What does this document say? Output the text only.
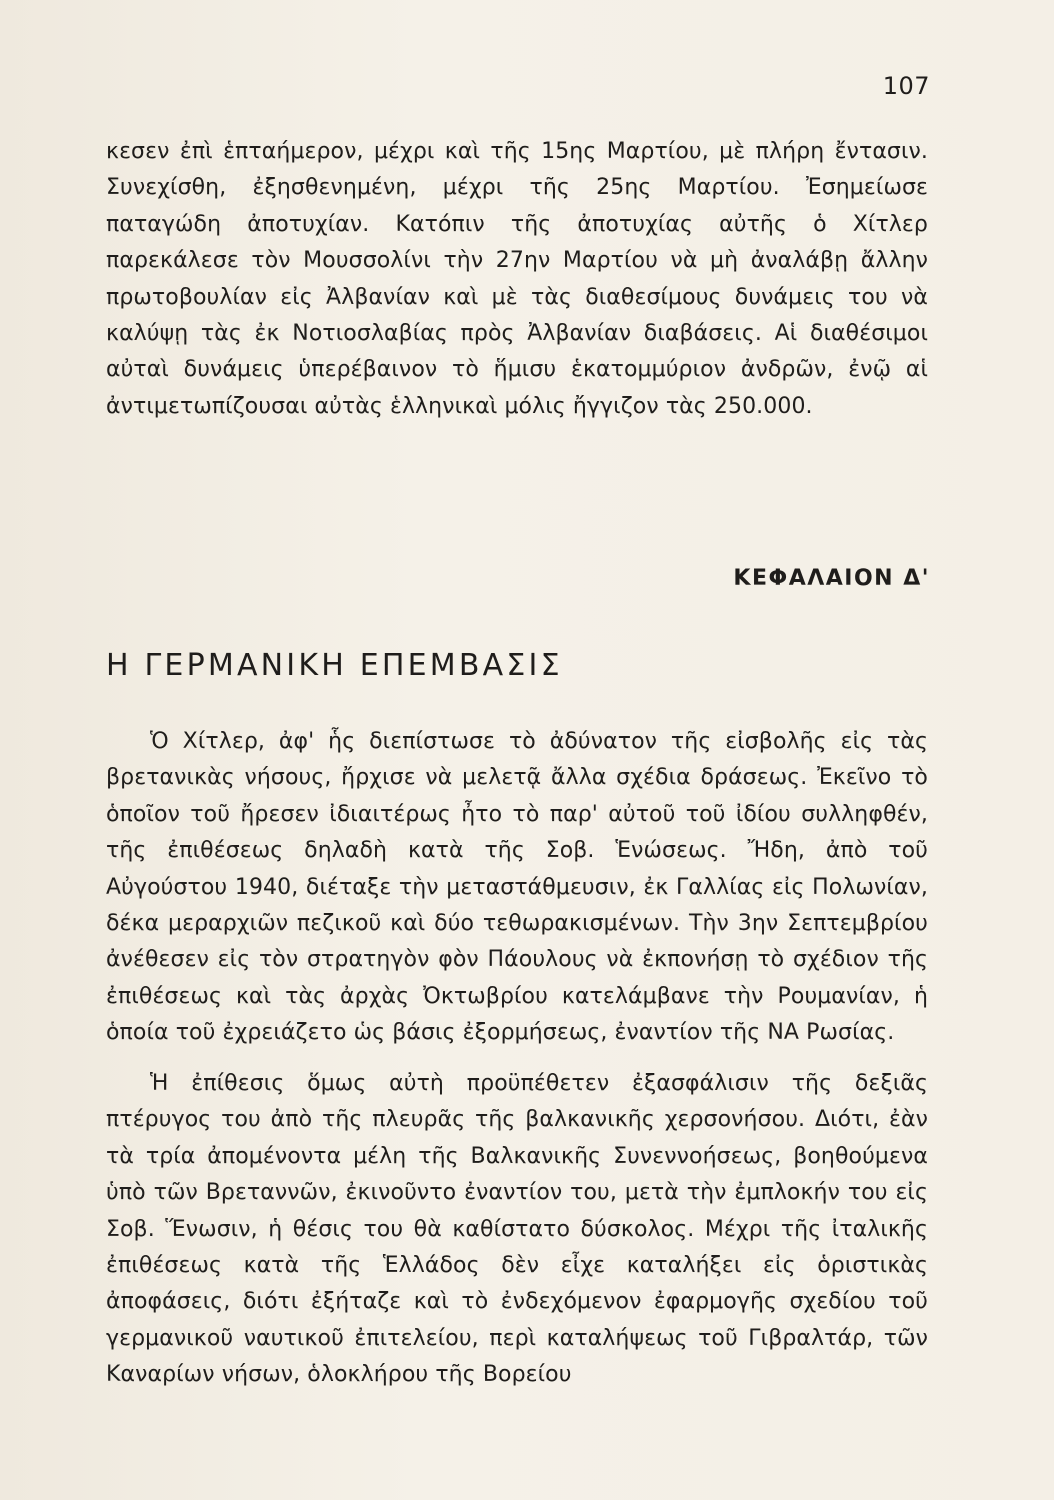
107

κεσεν ἐπὶ ἑπταήμερον, μέχρι καὶ τῆς 15ης Μαρτίου, μὲ πλήρη ἔντασιν. Συνεχίσθη, ἐξησθενημένη, μέχρι τῆς 25ης Μαρτίου. Ἐσημείωσε παταγώδη ἀποτυχίαν. Κατόπιν τῆς ἀποτυχίας αὐτῆς ὁ Χίτλερ παρεκάλεσε τὸν Μουσσολίνι τὴν 27ην Μαρτίου νὰ μὴ ἀναλάβῃ ἄλλην πρωτοβουλίαν εἰς Ἀλβανίαν καὶ μὲ τὰς διαθεσίμους δυνάμεις του νὰ καλύψῃ τὰς ἐκ Νοτιοσλαβίας πρὸς Ἀλβανίαν διαβάσεις. Αἱ διαθέσιμοι αὐταὶ δυνάμεις ὑπερέβαινον τὸ ἥμισυ ἑκατομμύριον ἀνδρῶν, ἐνῷ αἱ ἀντιμετωπίζουσαι αὐτὰς ἑλληνικαὶ μόλις ἤγγιζον τὰς 250.000.

ΚΕΦΑΛΑΙΟΝ Δ'
Η ΓΕΡΜΑΝΙΚΗ ΕΠΕΜΒΑΣΙΣ

Ὁ Χίτλερ, ἀφ' ἧς διεπίστωσε τὸ ἀδύνατον τῆς εἰσβολῆς εἰς τὰς βρετανικὰς νήσους, ἤρχισε νὰ μελετᾷ ἄλλα σχέδια δράσεως. Ἐκεῖνο τὸ ὁποῖον τοῦ ἤρεσεν ἰδιαιτέρως ἦτο τὸ παρ' αὐτοῦ τοῦ ἰδίου συλληφθέν, τῆς ἐπιθέσεως δηλαδὴ κατὰ τῆς Σοβ. Ἑνώσεως. Ἤδη, ἀπὸ τοῦ Αὐγούστου 1940, διέταξε τὴν μεταστάθμευσιν, ἐκ Γαλλίας εἰς Πολωνίαν, δέκα μεραρχιῶν πεζικοῦ καὶ δύο τεθωρακισμένων. Τὴν 3ην Σεπτεμβρίου ἀνέθεσεν εἰς τὸν στρατηγὸν φὸν Πάουλους νὰ ἐκπονήσῃ τὸ σχέδιον τῆς ἐπιθέσεως καὶ τὰς ἀρχὰς Ὀκτωβρίου κατελάμβανε τὴν Ρουμανίαν, ἡ ὁποία τοῦ ἐχρειάζετο ὡς βάσις ἐξορμήσεως, ἐναντίον τῆς ΝΑ Ρωσίας.

Ἡ ἐπίθεσις ὅμως αὐτὴ προϋπέθετεν ἐξασφάλισιν τῆς δεξιᾶς πτέρυγος του ἀπὸ τῆς πλευρᾶς τῆς βαλκανικῆς χερσονήσου. Διότι, ἐὰν τὰ τρία ἀπομένοντα μέλη τῆς Βαλκανικῆς Συνεννοήσεως, βοηθούμενα ὑπὸ τῶν Βρεταννῶν, ἐκινοῦντο ἐναντίον του, μετὰ τὴν ἐμπλοκήν του εἰς Σοβ. Ἕνωσιν, ἡ θέσις του θὰ καθίστατο δύσκολος. Μέχρι τῆς ἰταλικῆς ἐπιθέσεως κατὰ τῆς Ἑλλάδος δὲν εἶχε καταλήξει εἰς ὁριστικὰς ἀποφάσεις, διότι ἐξήταζε καὶ τὸ ἐνδεχόμενον ἐφαρμογῆς σχεδίου τοῦ γερμανικοῦ ναυτικοῦ ἐπιτελείου, περὶ καταλήψεως τοῦ Γιβραλτάρ, τῶν Καναρίων νήσων, ὁλοκλήρου τῆς Βορείου
